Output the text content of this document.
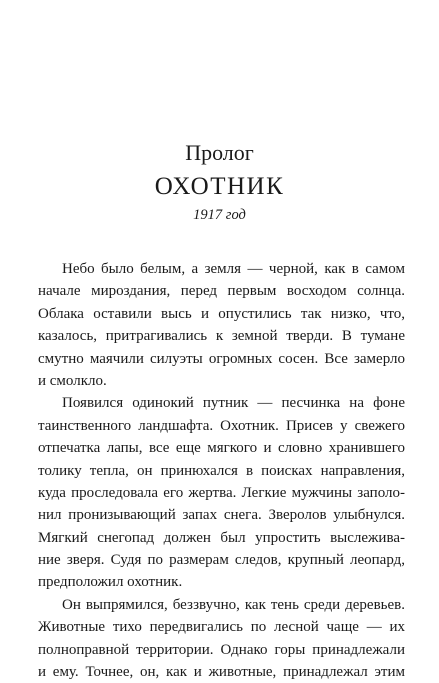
Пролог
ОХОТНИК
1917 год
Небо было белым, а земля — черной, как в самом
начале мироздания, перед первым восходом солнца.
Облака оставили высь и опустились так низко, что,
казалось, притрагивались к земной тверди. В тумане
смутно маячили силуэты огромных сосен. Все замерло
и смолкло.
Появился одинокий путник — песчинка на фоне
таинственного ландшафта. Охотник. Присев у свежего
отпечатка лапы, все еще мягкого и словно хранившего
толику тепла, он принюхался в поисках направления,
куда проследовала его жертва. Легкие мужчины заполо-
нил пронизывающий запах снега. Зверолов улыбнулся.
Мягкий снегопад должен был упростить выслежива-
ние зверя. Судя по размерам следов, крупный леопард,
предположил охотник.
Он выпрямился, беззвучно, как тень среди деревьев.
Животные тихо передвигались по лесной чаще — их
полноправной территории. Однако горы принадлежали
и ему. Точнее, он, как и животные, принадлежал этим
